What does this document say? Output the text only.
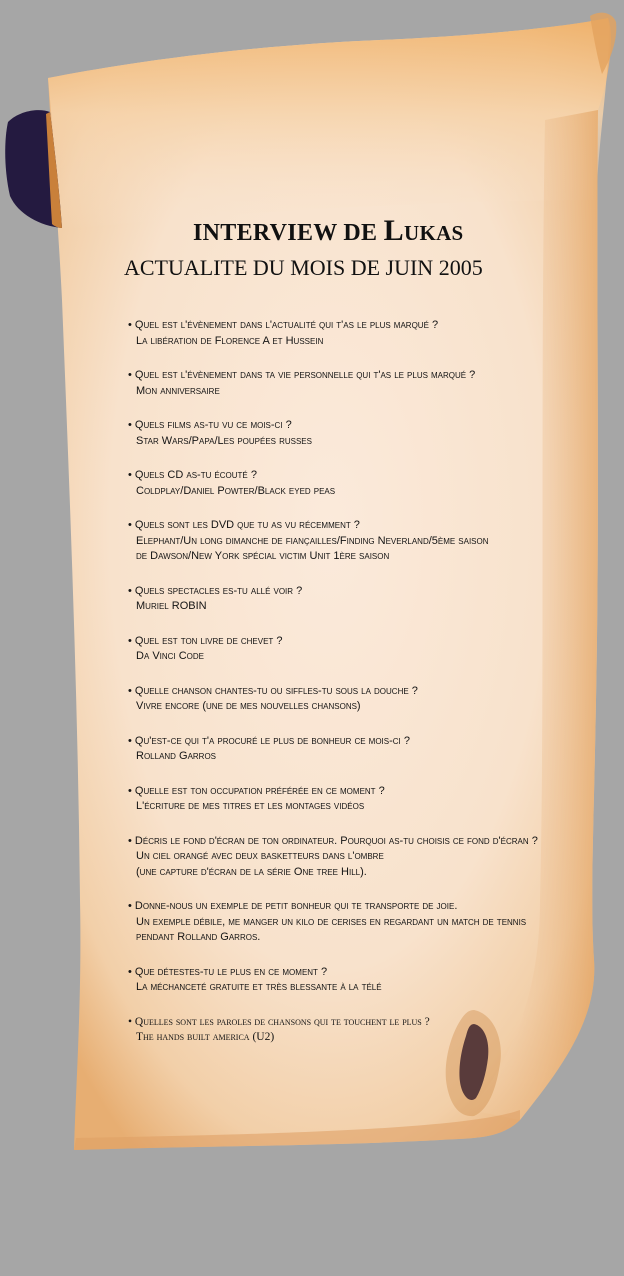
INTERVIEW DE Lukas
ACTUALITE DU MOIS DE JUIN 2005
• Quel est l'évènement dans l'actualité qui t'as le plus marqué ?
La libération de Florence A et Hussein
• Quel est l'évènement dans ta vie personnelle qui t'as le plus marqué ?
Mon anniversaire
• Quels films as-tu vu ce mois-ci ?
Star Wars/Papa/Les poupées russes
• Quels CD as-tu écouté ?
Coldplay/Daniel Powter/Black eyed peas
• Quels sont les DVD que tu as vu récemment ?
Elephant/Un long dimanche de fiançailles/Finding Neverland/5ème saison
de Dawson/New York spécial victim Unit 1ère saison
• Quels spectacles es-tu allé voir ?
Muriel ROBIN
• Quel est ton livre de chevet ?
Da Vinci Code
• Quelle chanson chantes-tu ou siffles-tu sous la douche ?
Vivre encore (une de mes nouvelles chansons)
• Qu'est-ce qui t'a procuré le plus de bonheur ce mois-ci ?
Rolland Garros
• Quelle est ton occupation préférée en ce moment ?
L'écriture de mes titres et les montages vidéos
• Décris le fond d'écran de ton ordinateur. Pourquoi as-tu choisis ce fond d'écran ?
Un ciel orangé avec deux basketteurs dans l'ombre
(une capture d'écran de la série One tree Hill).
• Donne-nous un exemple de petit bonheur qui te transporte de joie.
Un exemple débile, me manger un kilo de cerises en regardant un match de tennis
pendant Rolland Garros.
• Que détestes-tu le plus en ce moment ?
La méchanceté gratuite et très blessante à la télé
• Quelles sont les paroles de chansons qui te touchent le plus ?
The hands built america (U2)
